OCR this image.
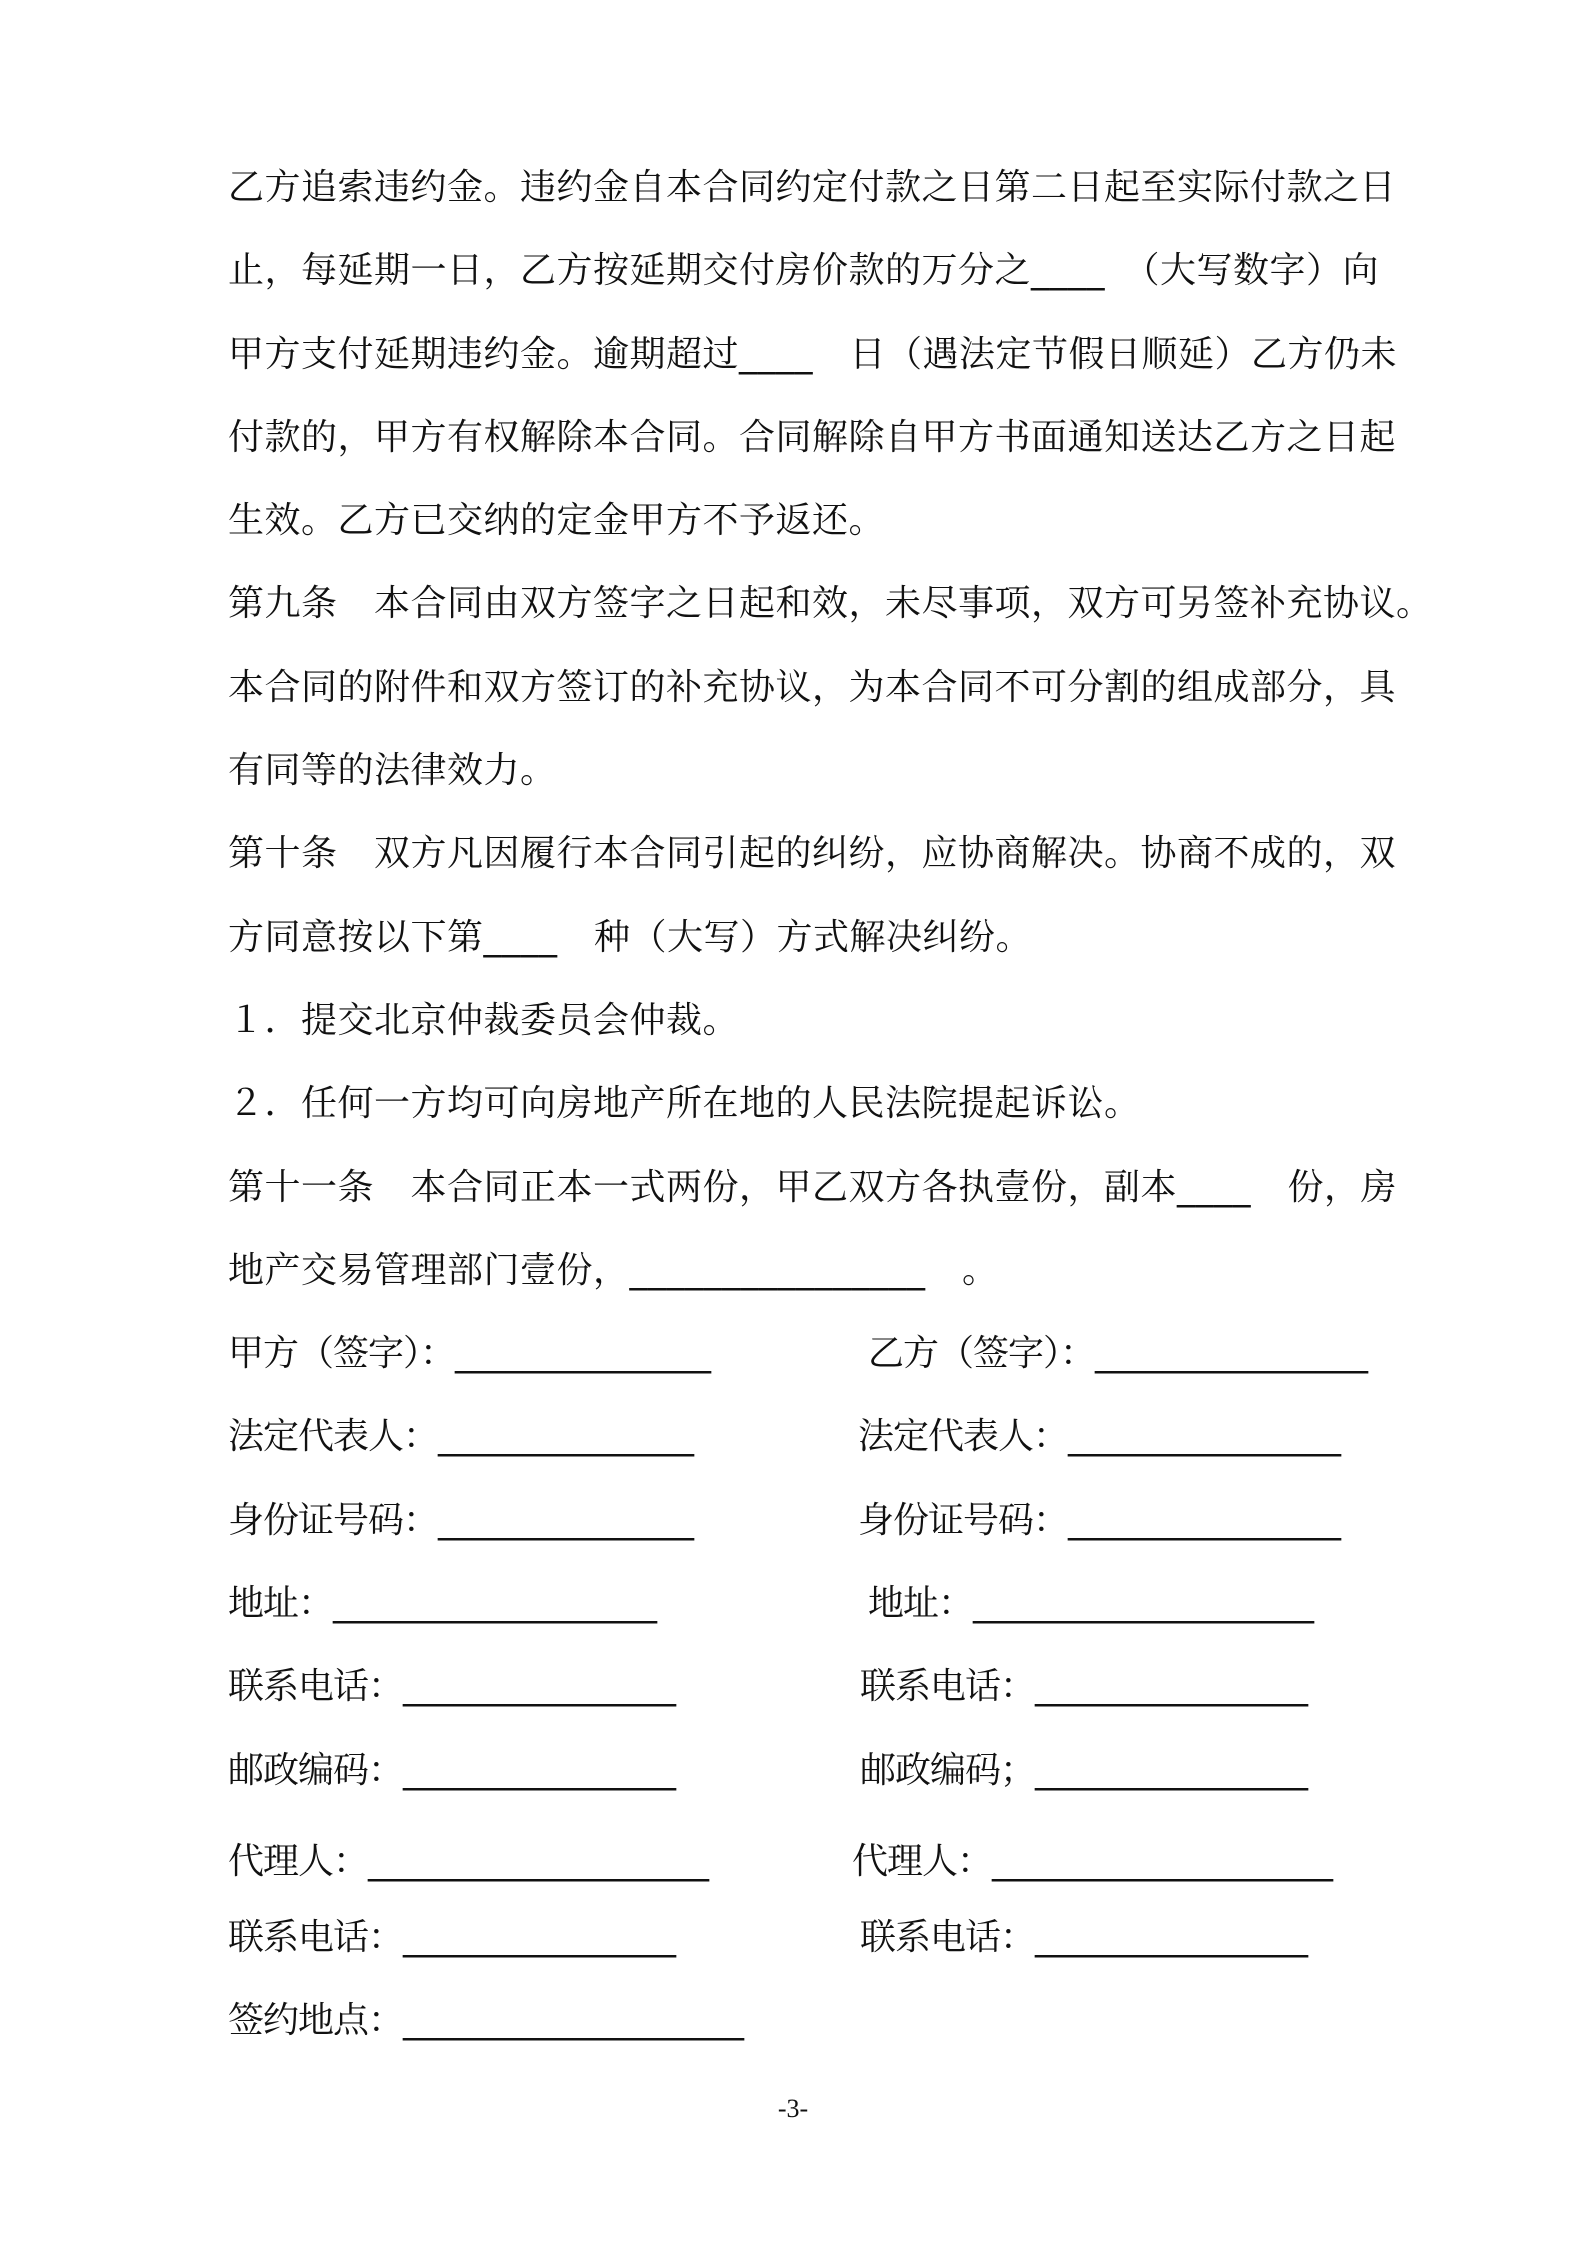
乙方追索违约金。违约金自本合同约定付款之日第二日起至实际付款之日
止，每延期一日，乙方按延期交付房价款的万分之____　（大写数字）向
甲方支付延期违约金。逾期超过____　日（遇法定节假日顺延）乙方仍未
付款的，甲方有权解除本合同。合同解除自甲方书面通知送达乙方之日起
生效。乙方已交纳的定金甲方不予返还。
第九条　本合同由双方签字之日起和效，未尽事项，双方可另签补充协议。
本合同的附件和双方签订的补充协议，为本合同不可分割的组成部分，具
有同等的法律效力。
第十条　双方凡因履行本合同引起的纠纷，应协商解决。协商不成的，双
方同意按以下第____　种（大写）方式解决纠纷。
１．提交北京仲裁委员会仲裁。
２．任何一方均可向房地产所在地的人民法院提起诉讼。
第十一条　本合同正本一式两份，甲乙双方各执壹份，副本____　份，房
地产交易管理部门壹份，________________　。
甲方（签字）：_______________
法定代表人：_______________
身份证号码：_______________
地址：___________________
联系电话：________________
邮政编码：________________
代理人：____________________
联系电话：________________
签约地点：____________________
乙方（签字）：________________
法定代表人：________________
身份证号码：________________
地址：____________________
联系电话：________________
邮政编码；________________
代理人：____________________
联系电话：________________
-3-
